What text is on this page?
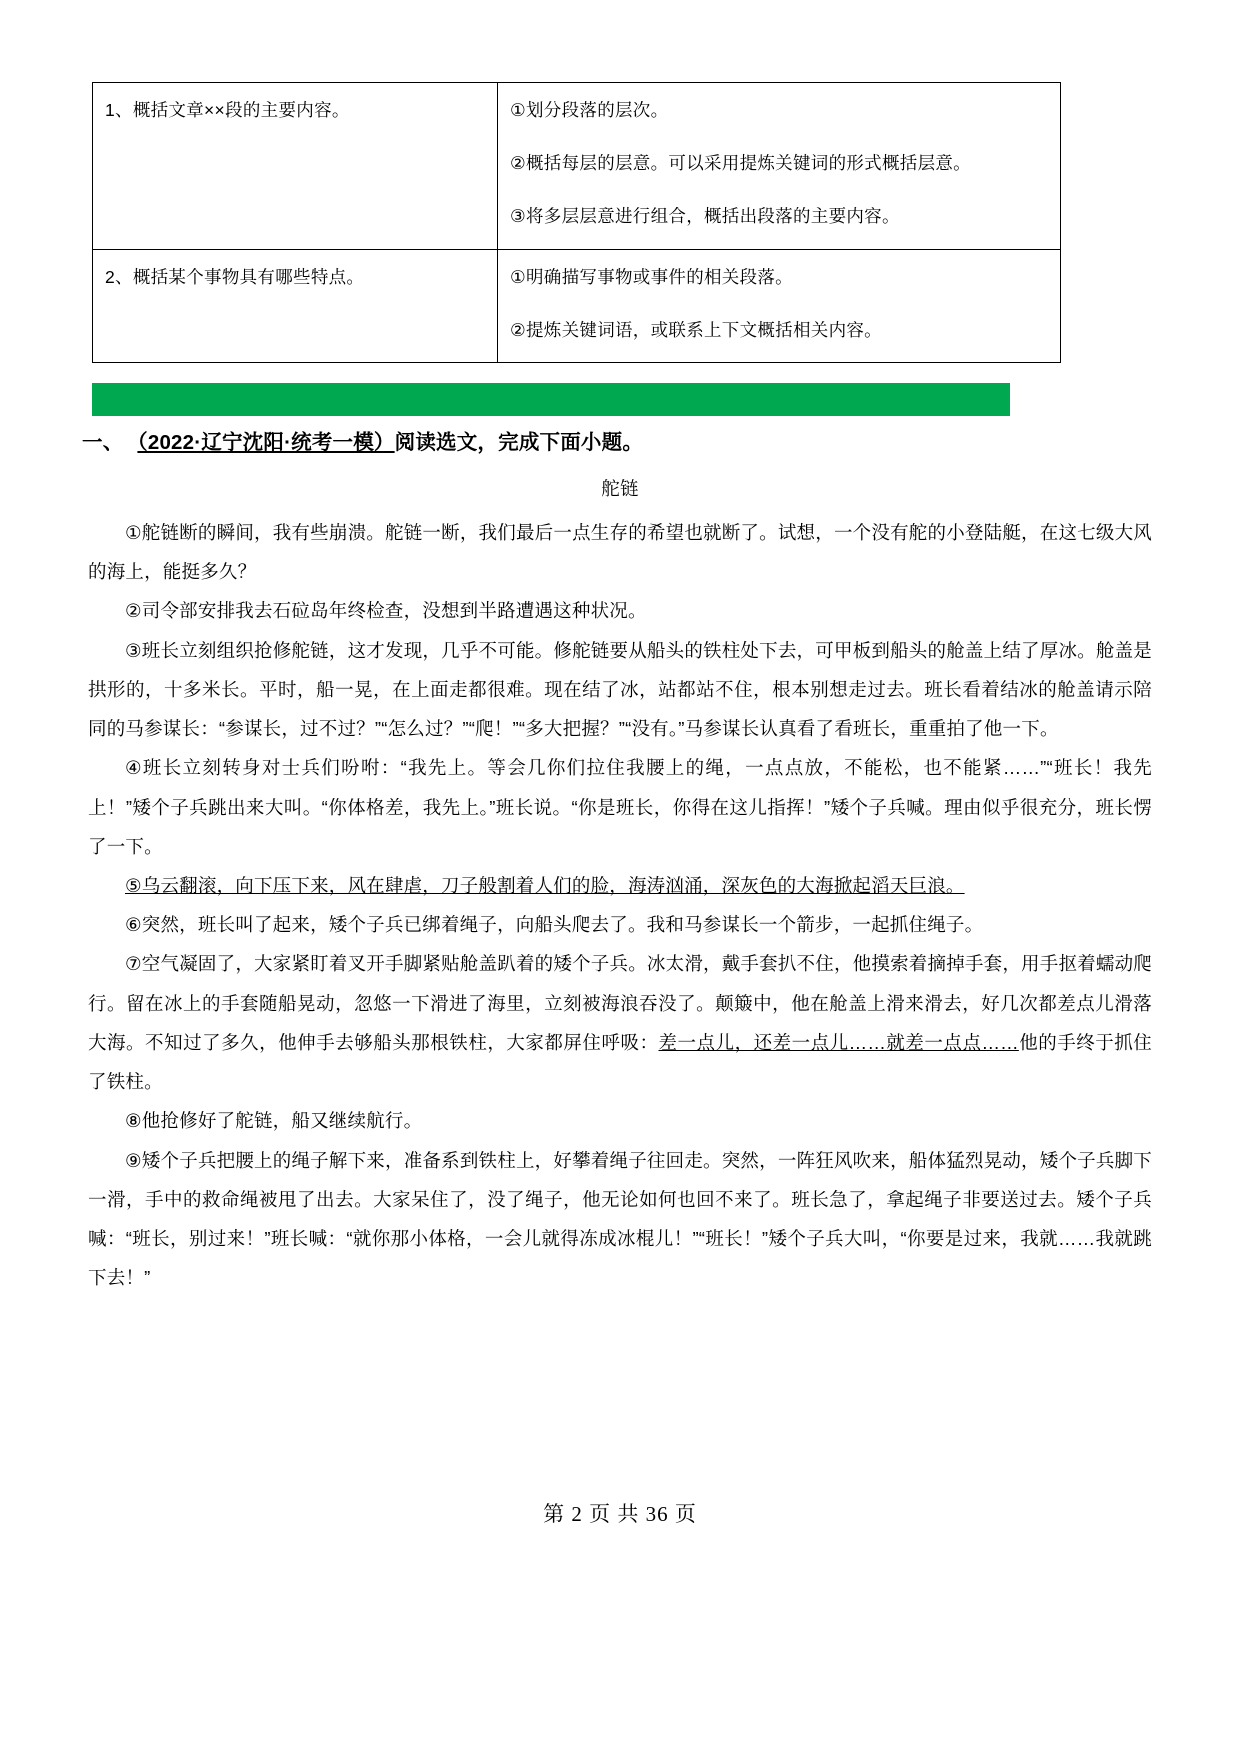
1、概括文章××段的主要内容。	①划分段落的层次。
②概括每层的层意。可以采用提炼关键词的形式概括层意。
③将多层层意进行组合，概括出段落的主要内容。

2、概括某个事物具有哪些特点。	①明确描写事物或事件的相关段落。
②提炼关键词语，或联系上下文概括相关内容。
一、 （2022·辽宁沈阳·统考一模）阅读选文，完成下面小题。
舵链

①舵链断的瞬间，我有些崩溃。舵链一断，我们最后一点生存的希望也就断了。试想，一个没有舵的小登陆艇，在这七级大风的海上，能挺多久？

②司令部安排我去石砬岛年终检查，没想到半路遭遇这种状况。

③班长立刻组织抢修舵链，这才发现，几乎不可能。修舵链要从船头的铁柱处下去，可甲板到船头的舱盖上结了厚冰。舱盖是拱形的，十多米长。平时，船一晃，在上面走都很难。现在结了冰，站都站不住，根本别想走过去。班长看着结冰的舱盖请示陪同的马参谋长：“参谋长，过不过？”“怎么过？”“爬！”“多大把握？”“没有。”马参谋长认真看了看班长，重重拍了他一下。

④班长立刻转身对士兵们吩咐：“我先上。等会几你们拉住我腰上的绳，一点点放，不能松，也不能紧……”“班长！我先上！”矮个子兵跳出来大叫。“你体格差，我先上。”班长说。“你是班长，你得在这儿指挥！”矮个子兵喊。理由似乎很充分，班长愣了一下。

⑤乌云翻滚，向下压下来，风在肆虐，刀子般割着人们的脸，海涛汹涌，深灰色的大海掀起滔天巨浪。

⑥突然，班长叫了起来，矮个子兵已绑着绳子，向船头爬去了。我和马参谋长一个箭步，一起抓住绳子。

⑦空气凝固了，大家紧盯着叉开手脚紧贴舱盖趴着的矮个子兵。冰太滑，戴手套扒不住，他摸索着摘掉手套，用手抠着蠕动爬行。留在冰上的手套随船晃动，忽悠一下滑进了海里，立刻被海浪吞没了。颠簸中，他在舱盖上滑来滑去，好几次都差点儿滑落大海。不知过了多久，他伸手去够船头那根铁柱，大家都屏住呼吸：差一点儿，还差一点儿……就差一点点……他的手终于抓住了铁柱。

⑧他抢修好了舵链，船又继续航行。

⑨矮个子兵把腰上的绳子解下来，准备系到铁柱上，好攀着绳子往回走。突然，一阵狂风吹来，船体猛烈晃动，矮个子兵脚下一滑，手中的救命绳被甩了出去。大家呆住了，没了绳子，他无论如何也回不来了。班长急了，拿起绳子非要送过去。矮个子兵喊：“班长，别过来！”班长喊：“就你那小体格，一会儿就得冻成冰棍儿！”“班长！”矮个子兵大叫，“你要是过来，我就……我就跳下去！”

第 2 页 共 36 页
